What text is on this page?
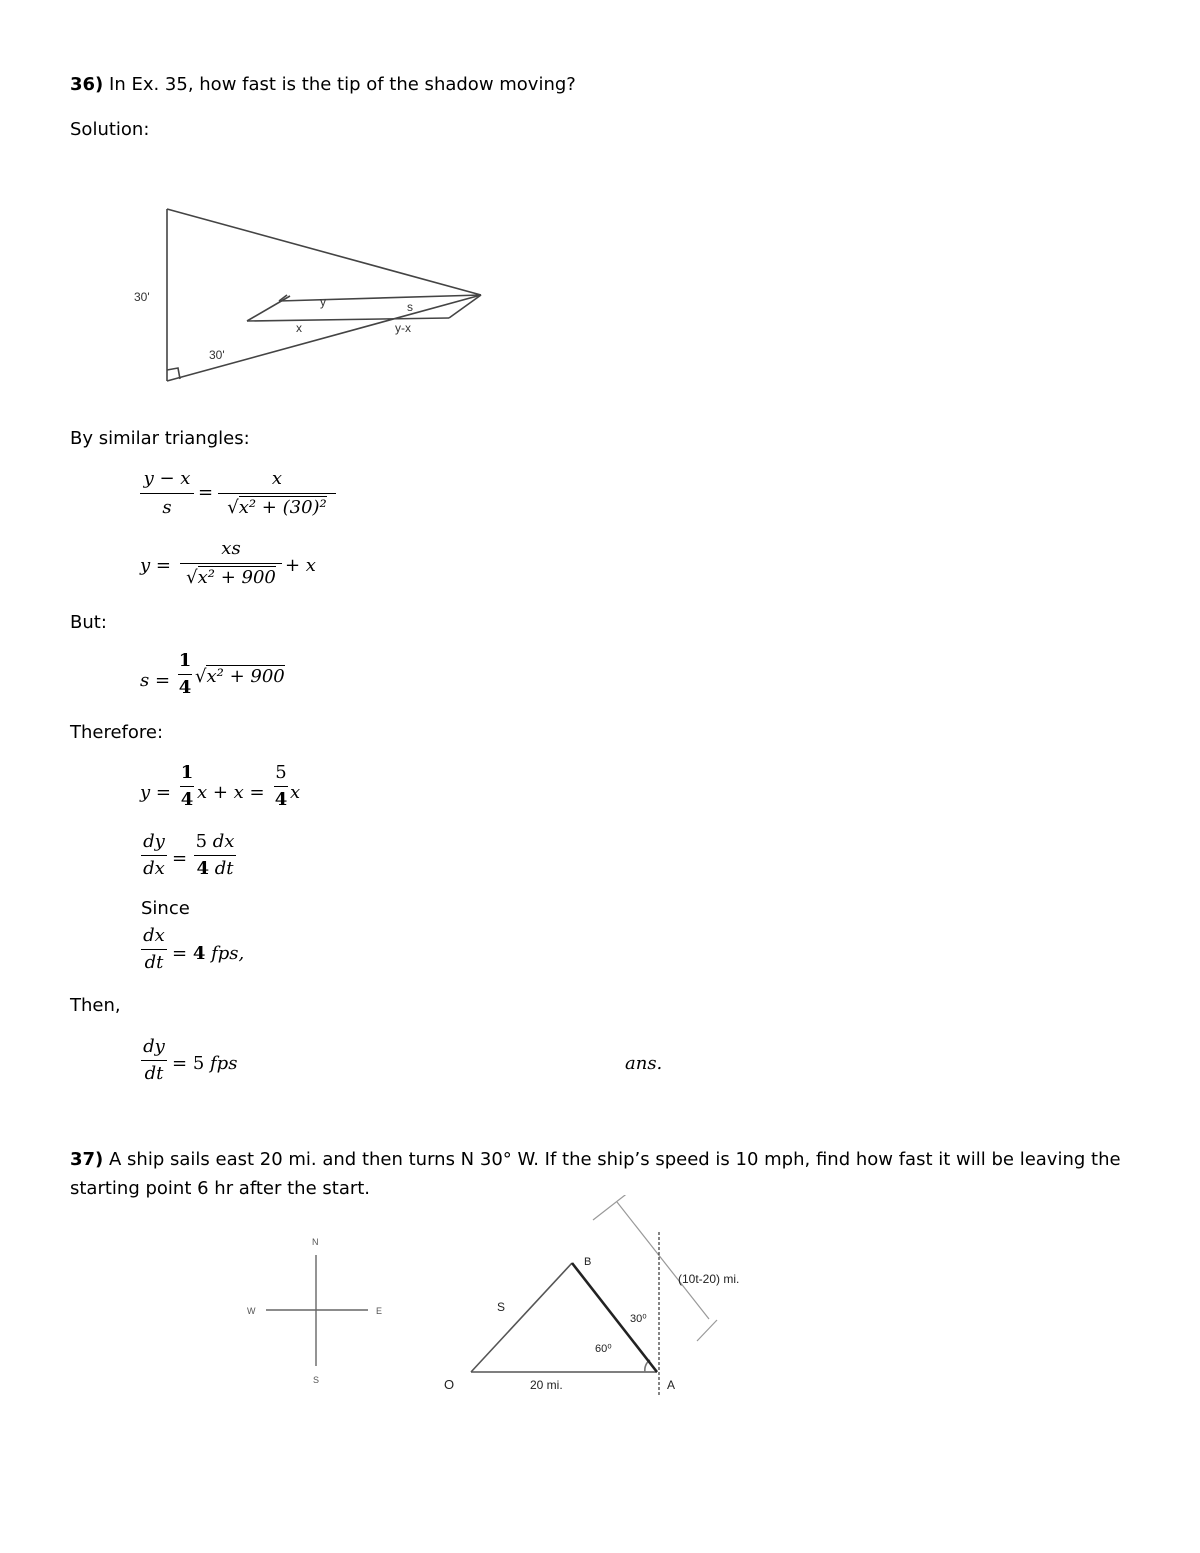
36) In Ex. 35, how fast is the tip of the shadow moving?
Solution:
30'
30'
y
x
s
y-x
By similar triangles:
y − x
s
=
x
√x² + (30)²
y =
xs
√x² + 900
+ x
But:
s =
1
4
√x² + 900
Therefore:
y =
1
4 x + x =
5
4 x
dy
dx =
5 dx
4 dt
Since
dx
dt = 4 fps,
Then,
dy
dt = 5 fps	ans.
37) A ship sails east 20 mi. and then turns N 30° W. If the ship’s speed is 10 mph, find how fast it will be leaving the
starting point 6 hr after the start.
N
S
W	E
O	A
B
S
20 mi.
60⁰
30⁰
(10t-20) mi.
